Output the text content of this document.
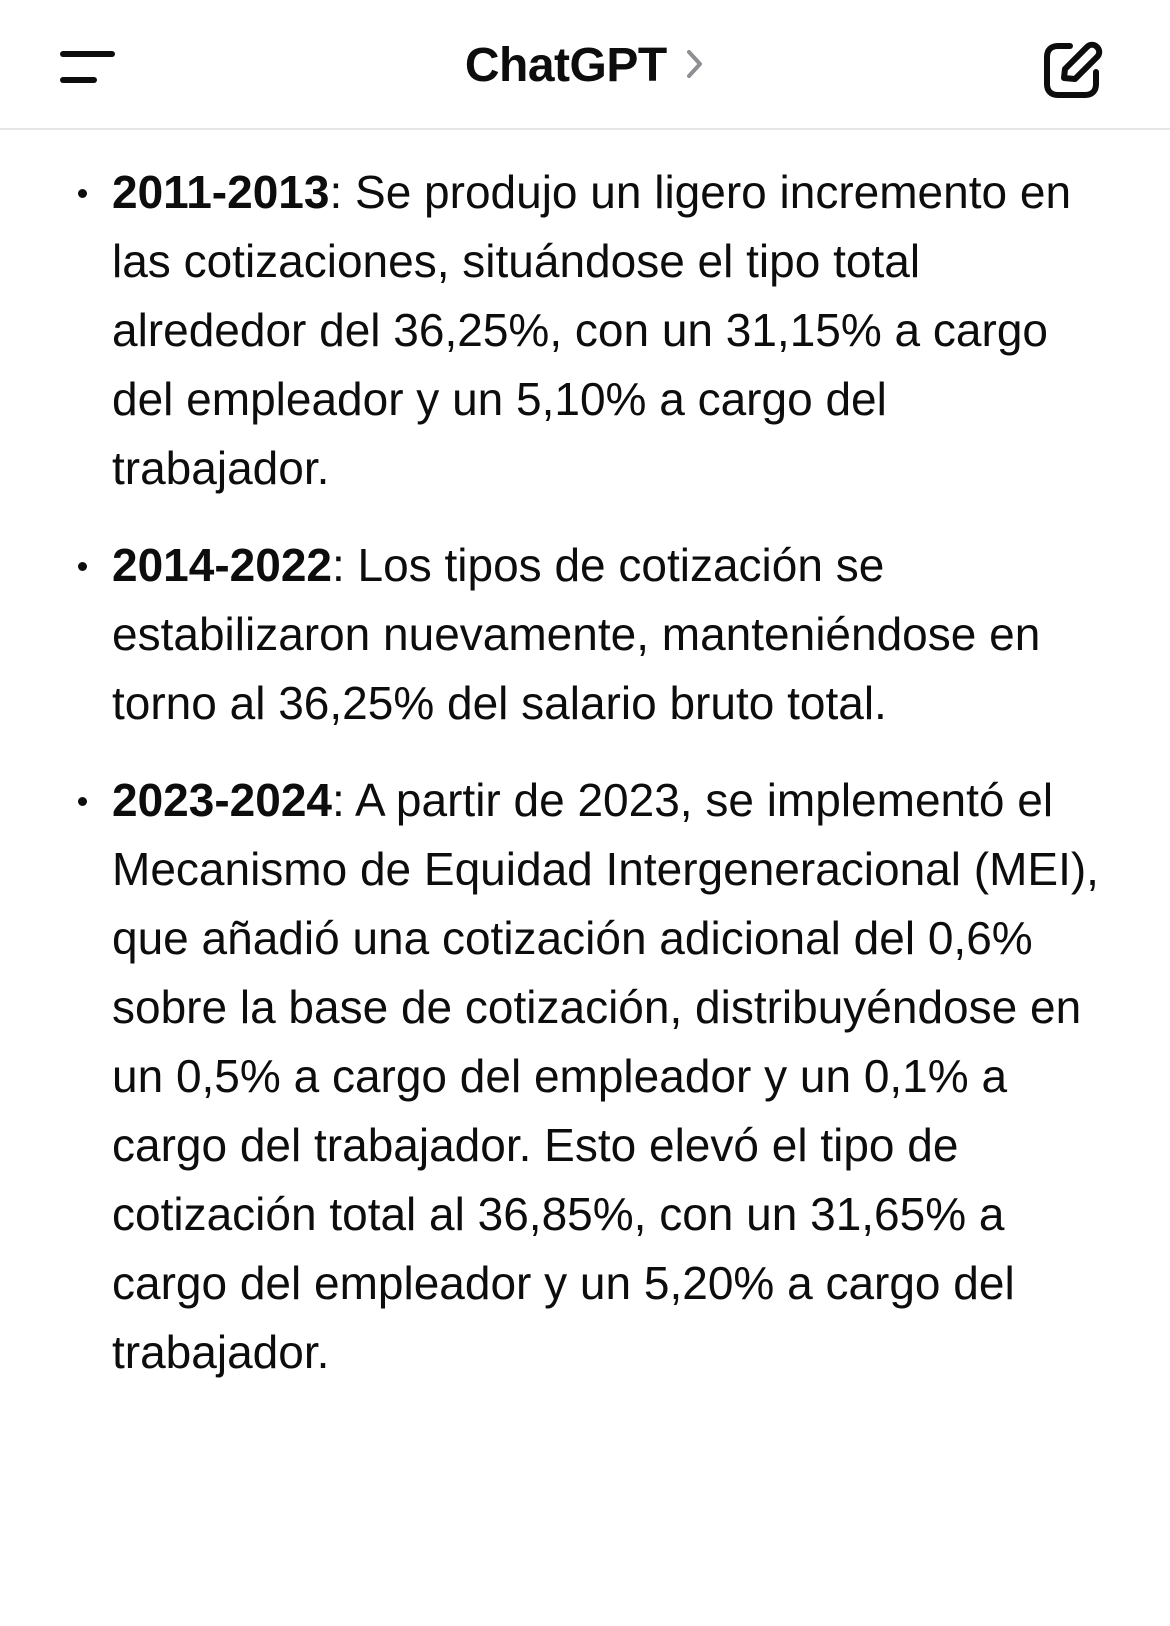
ChatGPT
2011-2013: Se produjo un ligero incremento en las cotizaciones, situándose el tipo total alrededor del 36,25%, con un 31,15% a cargo del empleador y un 5,10% a cargo del trabajador.
2014-2022: Los tipos de cotización se estabilizaron nuevamente, manteniéndose en torno al 36,25% del salario bruto total.
2023-2024: A partir de 2023, se implementó el Mecanismo de Equidad Intergeneracional (MEI), que añadió una cotización adicional del 0,6% sobre la base de cotización, distribuyéndose en un 0,5% a cargo del empleador y un 0,1% a cargo del trabajador. Esto elevó el tipo de cotización total al 36,85%, con un 31,65% a cargo del empleador y un 5,20% a cargo del trabajador.
